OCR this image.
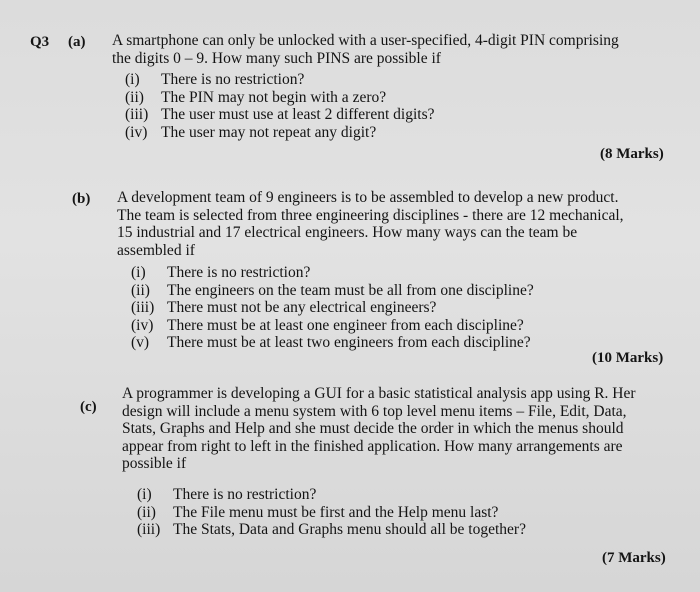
Q3 (a) A smartphone can only be unlocked with a user-specified, 4-digit PIN comprising
the digits 0 – 9. How many such PINS are possible if
(i)	There is no restriction?
(ii)	The PIN may not begin with a zero?
(iii) The user must use at least 2 different digits?
(iv) The user may not repeat any digit?
(8 Marks)
(b) A development team of 9 engineers is to be assembled to develop a new product.
The team is selected from three engineering disciplines - there are 12 mechanical,
15 industrial and 17 electrical engineers. How many ways can the team be
assembled if
(i)	There is no restriction?
(ii)	The engineers on the team must be all from one discipline?
(iii) There must not be any electrical engineers?
(iv) There must be at least one engineer from each discipline?
(v)	There must be at least two engineers from each discipline?
(10 Marks)
(c)
A programmer is developing a GUI for a basic statistical analysis app using R. Her
design will include a menu system with 6 top level menu items – File, Edit, Data,
Stats, Graphs and Help and she must decide the order in which the menus should
appear from right to left in the finished application. How many arrangements are
possible if
(i)	There is no restriction?
(ii)	The File menu must be first and the Help menu last?
(iii) The Stats, Data and Graphs menu should all be together?
(7 Marks)
